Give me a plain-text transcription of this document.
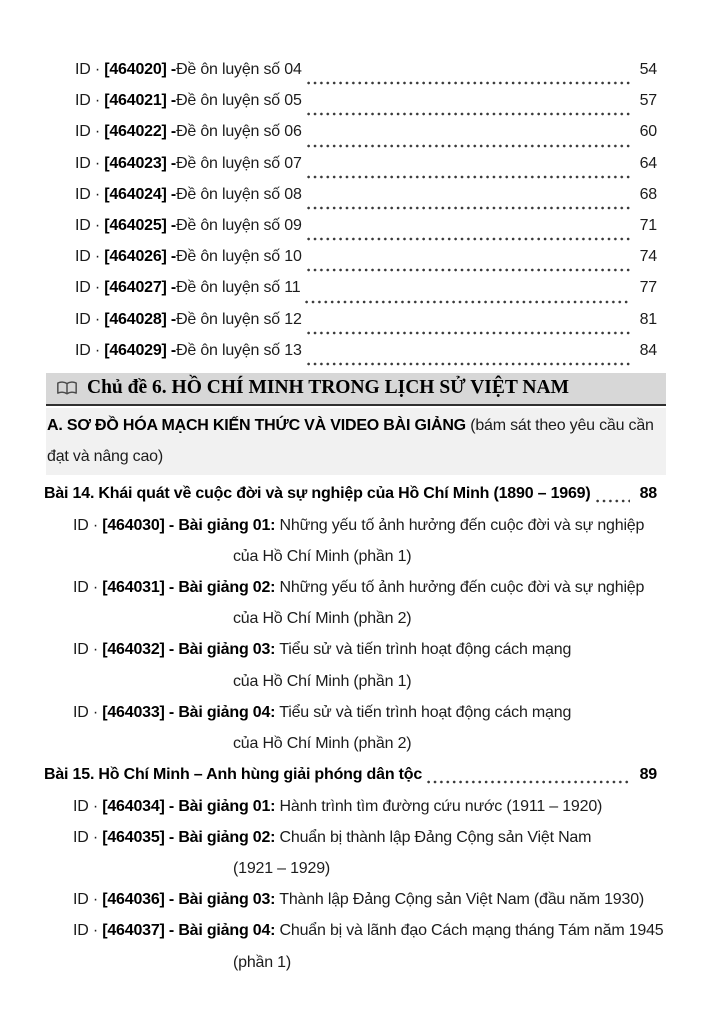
ID ·
[464020] - Đề ôn luyện số 04	54
ID ·
[464021] - Đề ôn luyện số 05	57
ID ·
[464022] - Đề ôn luyện số 06	60
ID ·
[464023] - Đề ôn luyện số 07	64
ID ·
[464024] - Đề ôn luyện số 08	68
ID ·
[464025] - Đề ôn luyện số 09	71
ID ·
[464026] - Đề ôn luyện số 10	74
ID ·
[464027] - Đề ôn luyện số 11	77
ID ·
[464028] - Đề ôn luyện số 12	81
ID ·
[464029] - Đề ôn luyện số 13	84
Chủ đề 6. HỒ CHÍ MINH TRONG LỊCH SỬ VIỆT NAM
A. SƠ ĐỒ HÓA MẠCH KIẾN THỨC VÀ VIDEO BÀI GIẢNG (bám sát theo yêu cầu cần đạt và nâng cao)
Bài 14. Khái quát về cuộc đời và sự nghiệp của Hồ Chí Minh (1890 – 1969)	88
ID · [464030] - Bài giảng 01: Những yếu tố ảnh hưởng đến cuộc đời và sự nghiệp
của Hồ Chí Minh (phần 1)
ID · [464031] - Bài giảng 02: Những yếu tố ảnh hưởng đến cuộc đời và sự nghiệp
của Hồ Chí Minh (phần 2)
ID · [464032] - Bài giảng 03: Tiểu sử và tiến trình hoạt động cách mạng
của Hồ Chí Minh (phần 1)
ID · [464033] - Bài giảng 04: Tiểu sử và tiến trình hoạt động cách mạng
của Hồ Chí Minh (phần 2)
Bài 15. Hồ Chí Minh – Anh hùng giải phóng dân tộc	89
ID · [464034] - Bài giảng 01: Hành trình tìm đường cứu nước (1911 – 1920)
ID · [464035] - Bài giảng 02: Chuẩn bị thành lập Đảng Cộng sản Việt Nam
(1921 – 1929)
ID · [464036] - Bài giảng 03: Thành lập Đảng Cộng sản Việt Nam (đầu năm 1930)
ID · [464037] - Bài giảng 04: Chuẩn bị và lãnh đạo Cách mạng tháng Tám năm 1945
(phần 1)
